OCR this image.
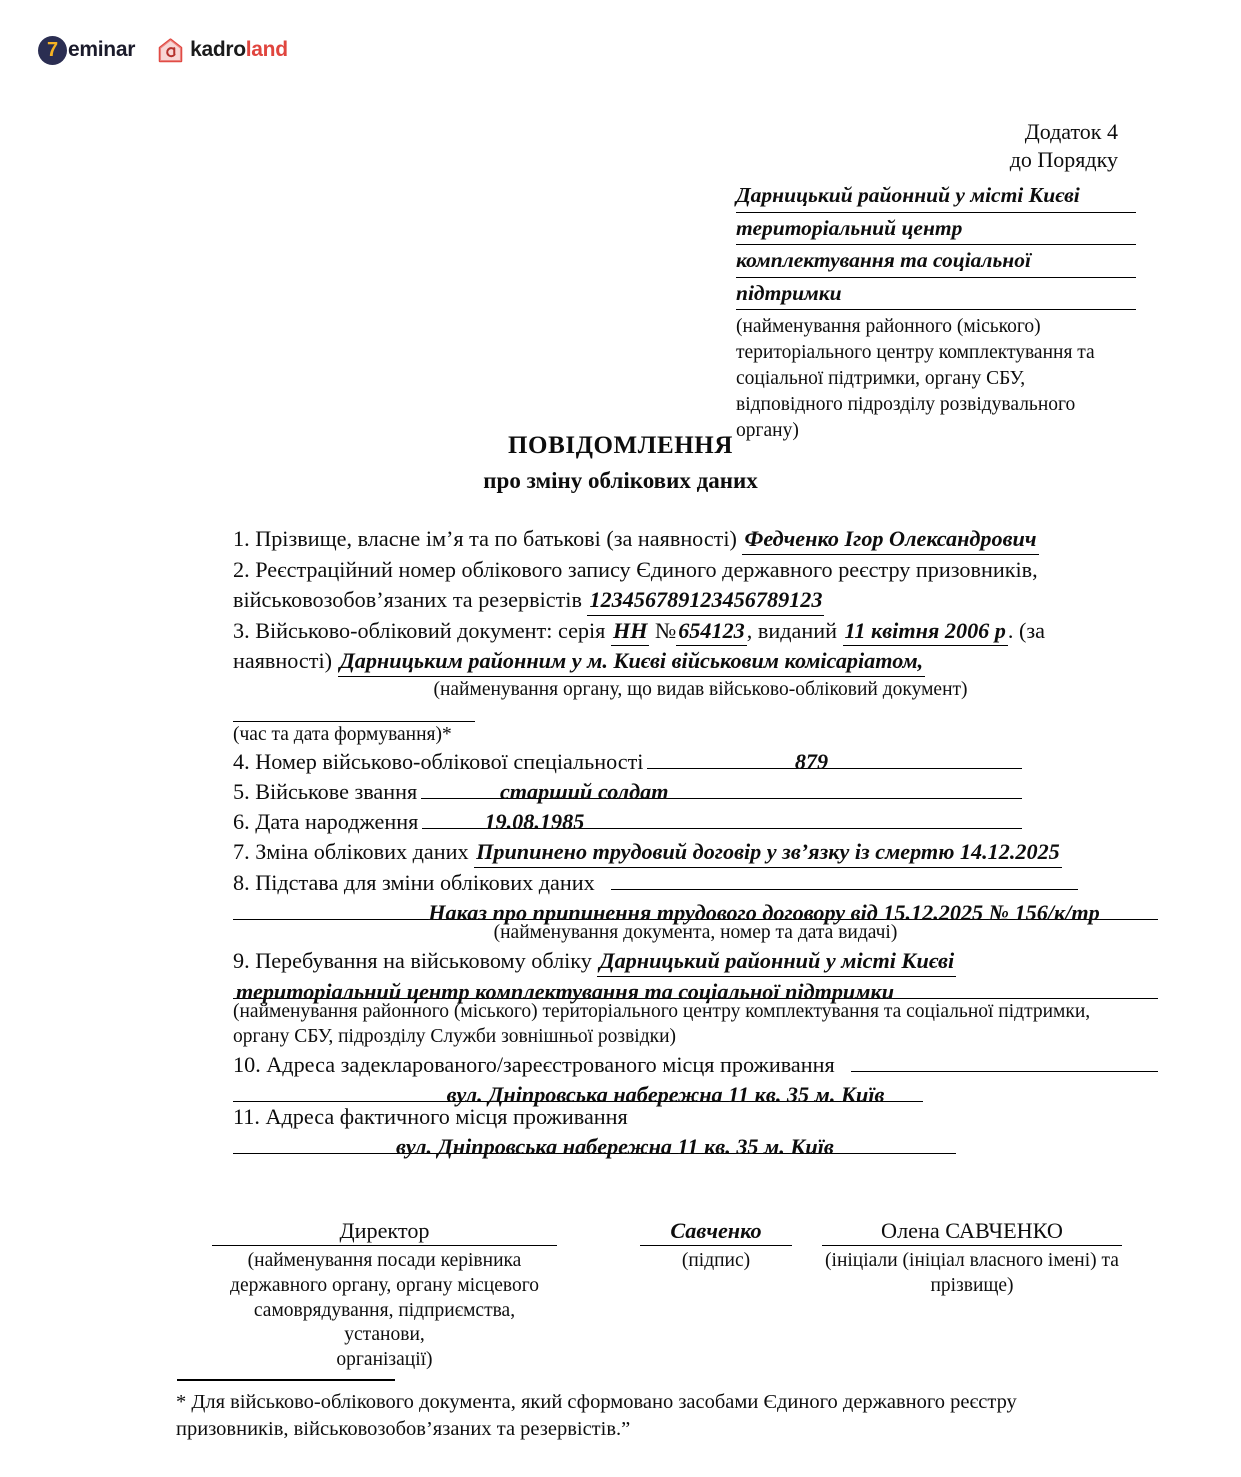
7 eminar	kadroland
Додаток 4
до Порядку
Дарницький районний у місті Києві територіальний центр комплектування та соціальної підтримки
(найменування районного (міського)
територіального центру комплектування та
соціальної підтримки, органу СБУ,
відповідного підрозділу розвідувального
органу)
ПОВІДОМЛЕННЯ
про зміну облікових даних
1. Прізвище, власне ім’я та по батькові (за наявності) Федченко Ігор Олександрович
2. Реєстраційний номер облікового запису Єдиного державного реєстру призовників,
військовозобов’язаних та резервістів 123456789123456789123
3. Військово-обліковий документ: серія НН №654123, виданий 11 квітня 2006 р. (за
наявності) Дарницьким районним у м. Києві військовим комісаріатом,
(найменування органу, що видав військово-обліковий документ)
(час та дата формування)*
4. Номер військово-облікової спеціальності	879
5. Військове звання	старший солдат
6. Дата народження	19.08.1985
7. Зміна облікових даних Припинено трудовий договір у зв’язку із смертю 14.12.2025
8. Підстава для зміни облікових даних
Наказ про припинення трудового договору від 15.12.2025 № 156/к/тр
(найменування документа, номер та дата видачі)
9. Перебування на військовому обліку Дарницький районний у місті Києві
територіальний центр комплектування та соціальної підтримки
(найменування районного (міського) територіального центру комплектування та соціальної підтримки,
органу СБУ, підрозділу Служби зовнішньої розвідки)
10. Адреса задекларованого/зареєстрованого місця проживання
вул. Дніпровська набережна 11 кв. 35 м. Київ
11. Адреса фактичного місця проживання
вул. Дніпровська набережна 11 кв. 35 м. Київ
Директор
(найменування посади керівника
державного органу, органу місцевого
самоврядування, підприємства, установи,
організації)
Савченко
(підпис)
Олена САВЧЕНКО
(ініціали (ініціал власного імені) та
прізвище)
* Для військово-облікового документа, який сформовано засобами Єдиного державного реєстру
призовників, військовозобов’язаних та резервістів.”
